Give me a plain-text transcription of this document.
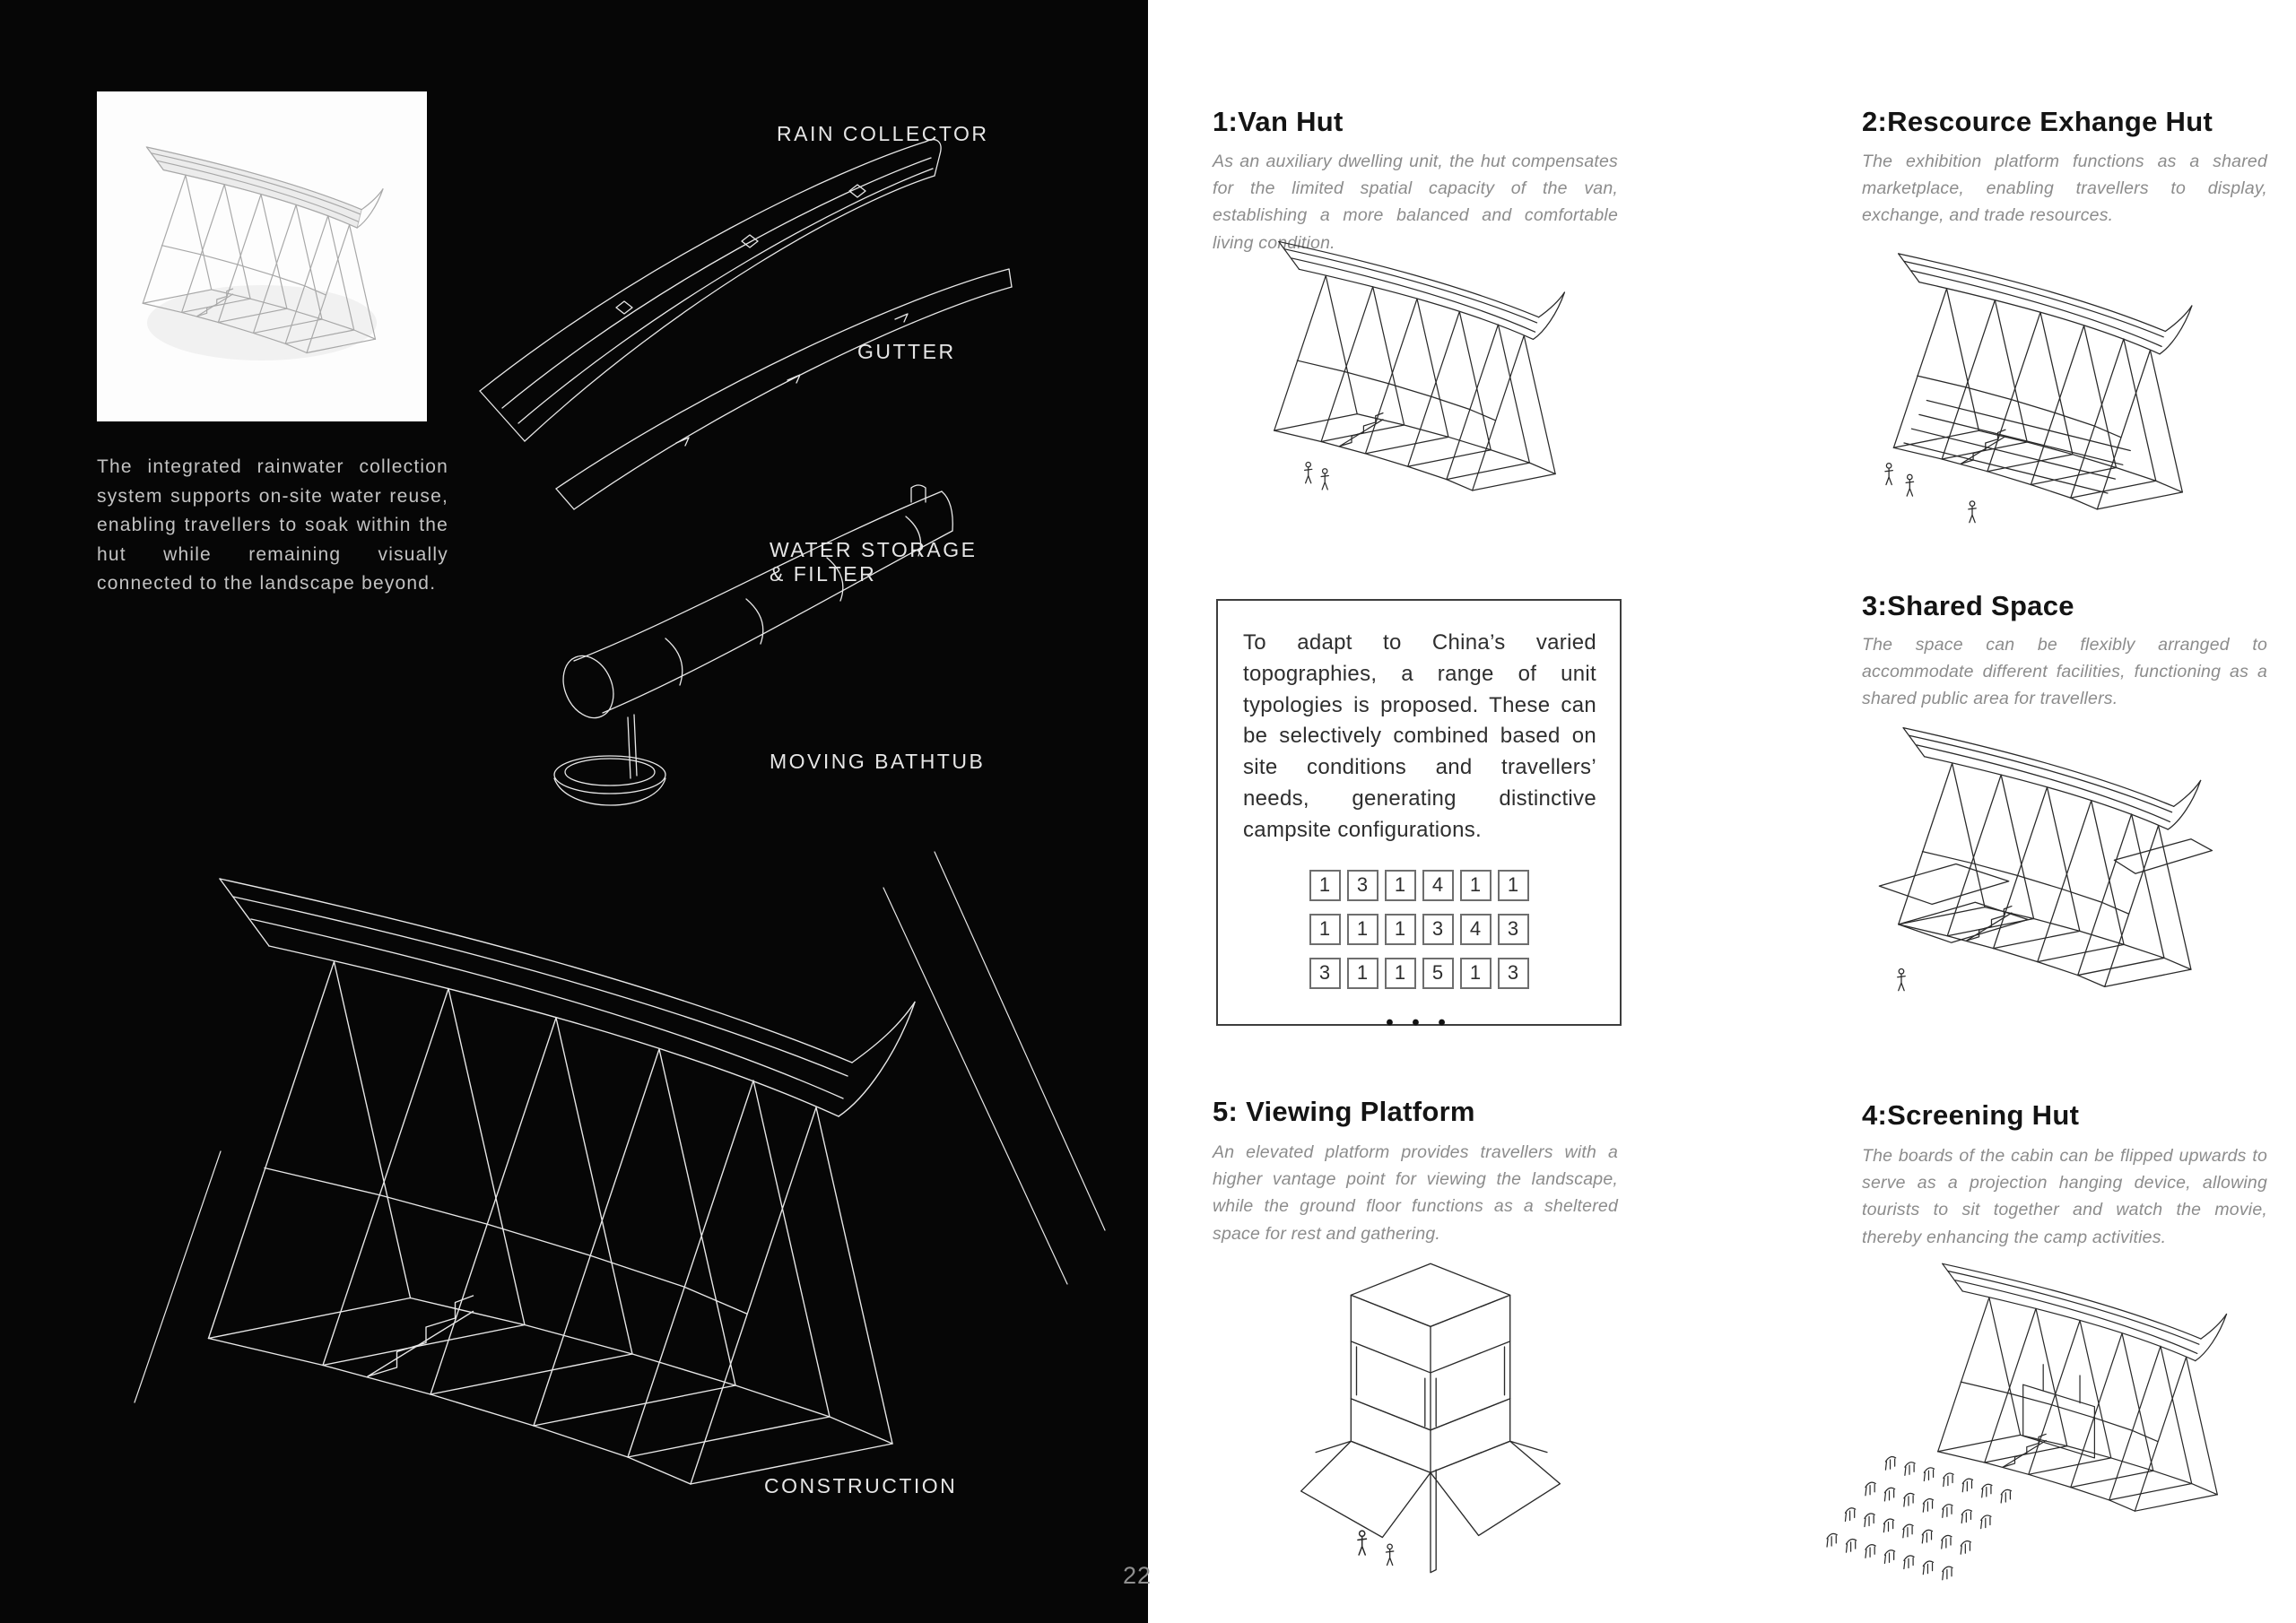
The integrated rainwater collection system supports on-site water reuse, enabling travellers to soak within the hut while remaining visually connected to the landscape beyond.
RAIN COLLECTOR
GUTTER
WATER STORAGE
& FILTER
MOVING BATHTUB
CONSTRUCTION
1:Van Hut
As an auxiliary dwelling unit, the hut compensates for the limited spatial capacity of the van, establishing a more balanced and comfortable living condition.
2:Rescource Exhange Hut
The exhibition platform functions as a shared marketplace, enabling travellers to display, exchange, and trade resources.
To adapt to China’s varied topographies, a range of unit typologies is proposed. These can be selectively combined based on site conditions and travellers’ needs, generating distinctive campsite configurations.
1	3	1	4	1	1
1	1	1	3	4	3
3	1	1	5	1	3
• • •
3:Shared Space
The space can be flexibly arranged to accommodate different facilities, functioning as a shared public area for travellers.
5: Viewing Platform
An elevated platform provides travellers with a higher vantage point for viewing the landscape, while the ground floor functions as a sheltered space for rest and gathering.
4:Screening Hut
The boards of the cabin can be flipped upwards to serve as a projection hanging device, allowing tourists to sit together and watch the movie, thereby enhancing the camp activities.
22
